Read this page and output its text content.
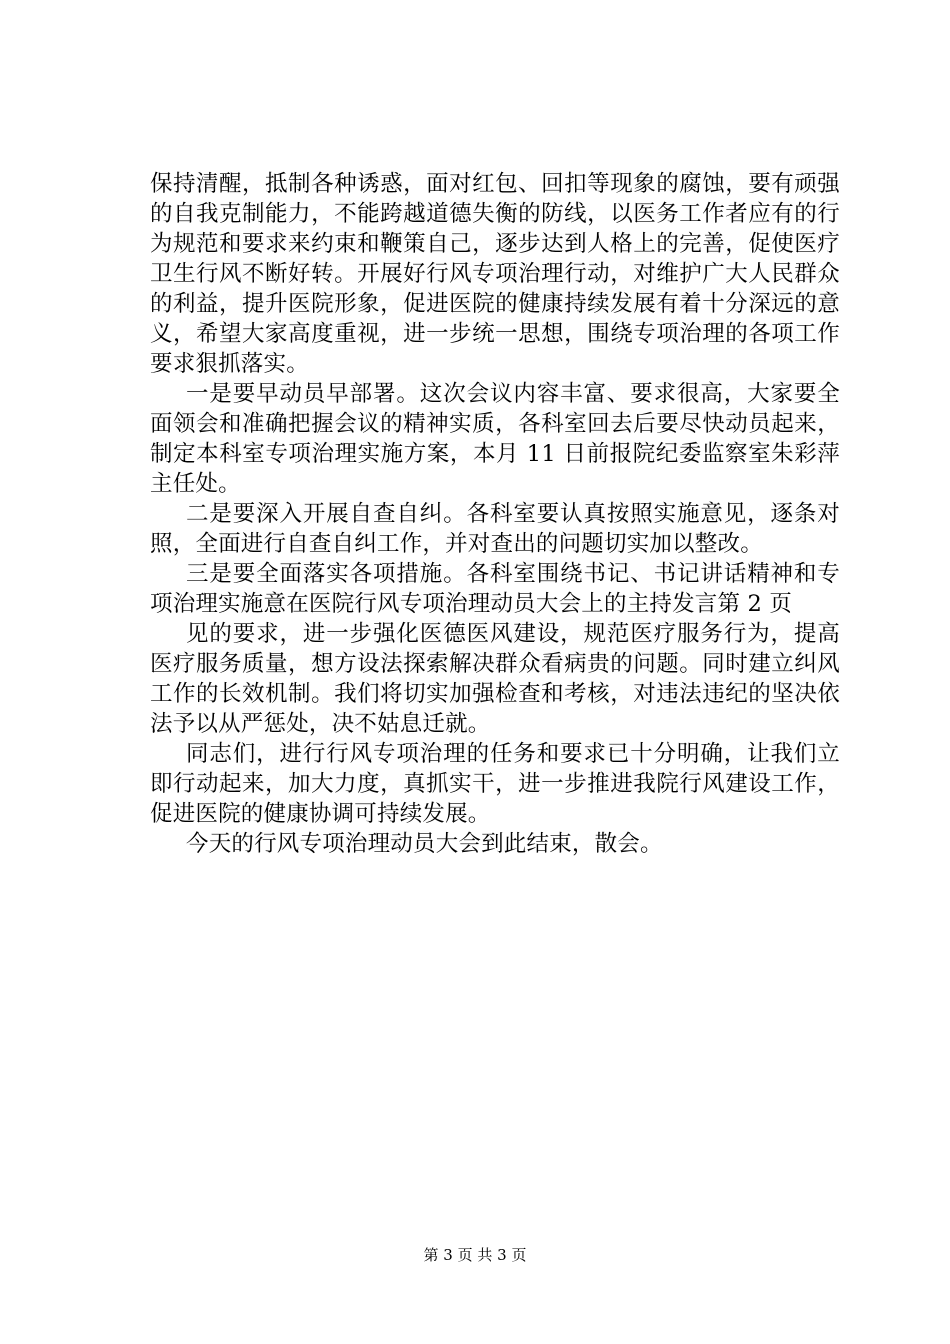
保持清醒，抵制各种诱惑，面对红包、回扣等现象的腐蚀，要有顽强的自我克制能力，不能跨越道德失衡的防线，以医务工作者应有的行为规范和要求来约束和鞭策自己，逐步达到人格上的完善，促使医疗卫生行风不断好转。开展好行风专项治理行动，对维护广大人民群众的利益，提升医院形象，促进医院的健康持续发展有着十分深远的意义，希望大家高度重视，进一步统一思想，围绕专项治理的各项工作要求狠抓落实。

一是要早动员早部署。这次会议内容丰富、要求很高，大家要全面领会和准确把握会议的精神实质，各科室回去后要尽快动员起来，制定本科室专项治理实施方案，本月 11 日前报院纪委监察室朱彩萍主任处。

二是要深入开展自查自纠。各科室要认真按照实施意见，逐条对照，全面进行自查自纠工作，并对查出的问题切实加以整改。

三是要全面落实各项措施。各科室围绕书记、书记讲话精神和专项治理实施意在医院行风专项治理动员大会上的主持发言第 2 页

见的要求，进一步强化医德医风建设，规范医疗服务行为，提高医疗服务质量，想方设法探索解决群众看病贵的问题。同时建立纠风工作的长效机制。我们将切实加强检查和考核，对违法违纪的坚决依法予以从严惩处，决不姑息迁就。

同志们，进行行风专项治理的任务和要求已十分明确，让我们立即行动起来，加大力度，真抓实干，进一步推进我院行风建设工作，促进医院的健康协调可持续发展。

今天的行风专项治理动员大会到此结束，散会。

第 3 页 共 3 页
